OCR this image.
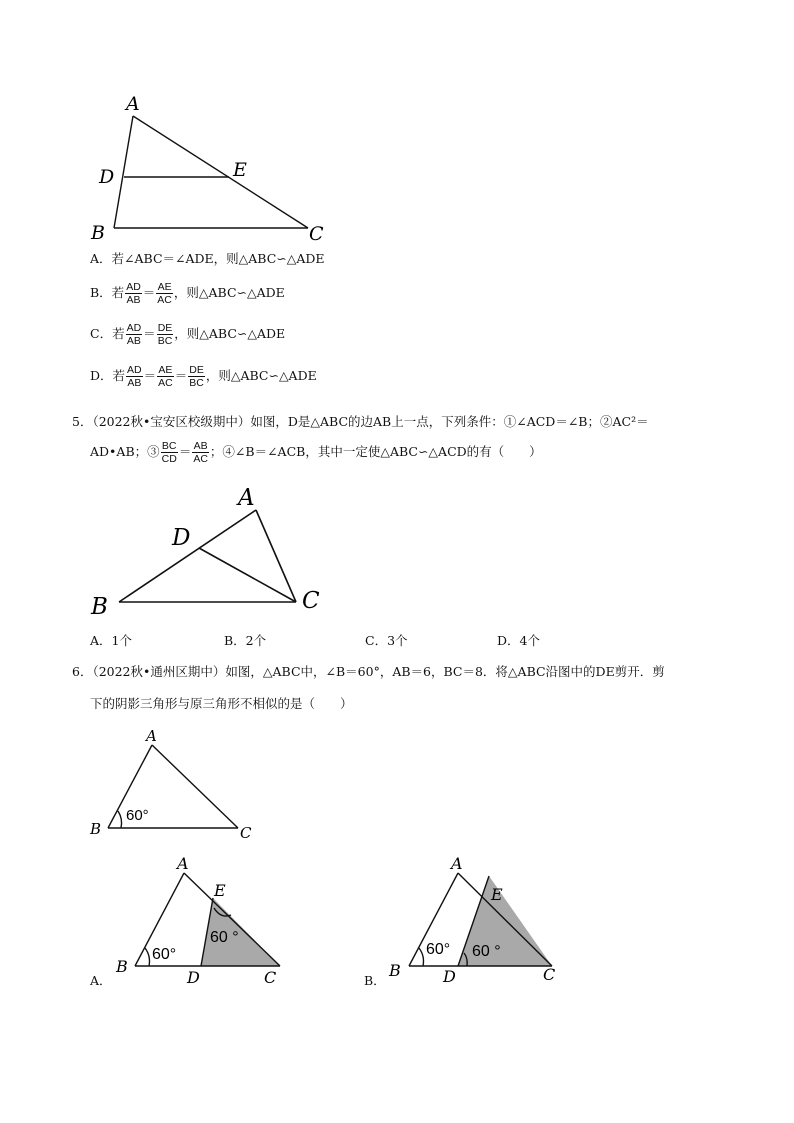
A
D	E
B	C
A．若∠ABC＝∠ADE，则△ABC∽△ADE
B．若 $\frac{AD}{AB} = \frac{AE}{AC}$ ，则△ABC∽△ADE
C．若 $\frac{AD}{AB} = \frac{DE}{BC}$ ，则△ABC∽△ADE
D．若 $\frac{AD}{AB} = \frac{AE}{AC} = \frac{DE}{BC}$ ，则△ABC∽△ADE
5．（2022秋•宝安区校级期中）如图，D是△ABC的边AB上一点，下列条件：①∠ACD＝∠B；②AC²＝
AD•AB；③ $\frac{BC}{CD} = \frac{AB}{AC}$ ；④∠B＝∠ACB，其中一定使△ABC∽△ACD的有（　　）
A
D
B	C
A．1个	B．2个	C．3个	D．4个
6．（2022秋•通州区期中）如图，△ABC中，∠B＝60°，AB＝6，BC＝8．将△ABC沿图中的DE剪开．剪
下的阴影三角形与原三角形不相似的是（　　）
A
B	C
60°
A
E
B
D	C
60°
60 °
A．
A
E
B	D	C
60° 60 °
B．
